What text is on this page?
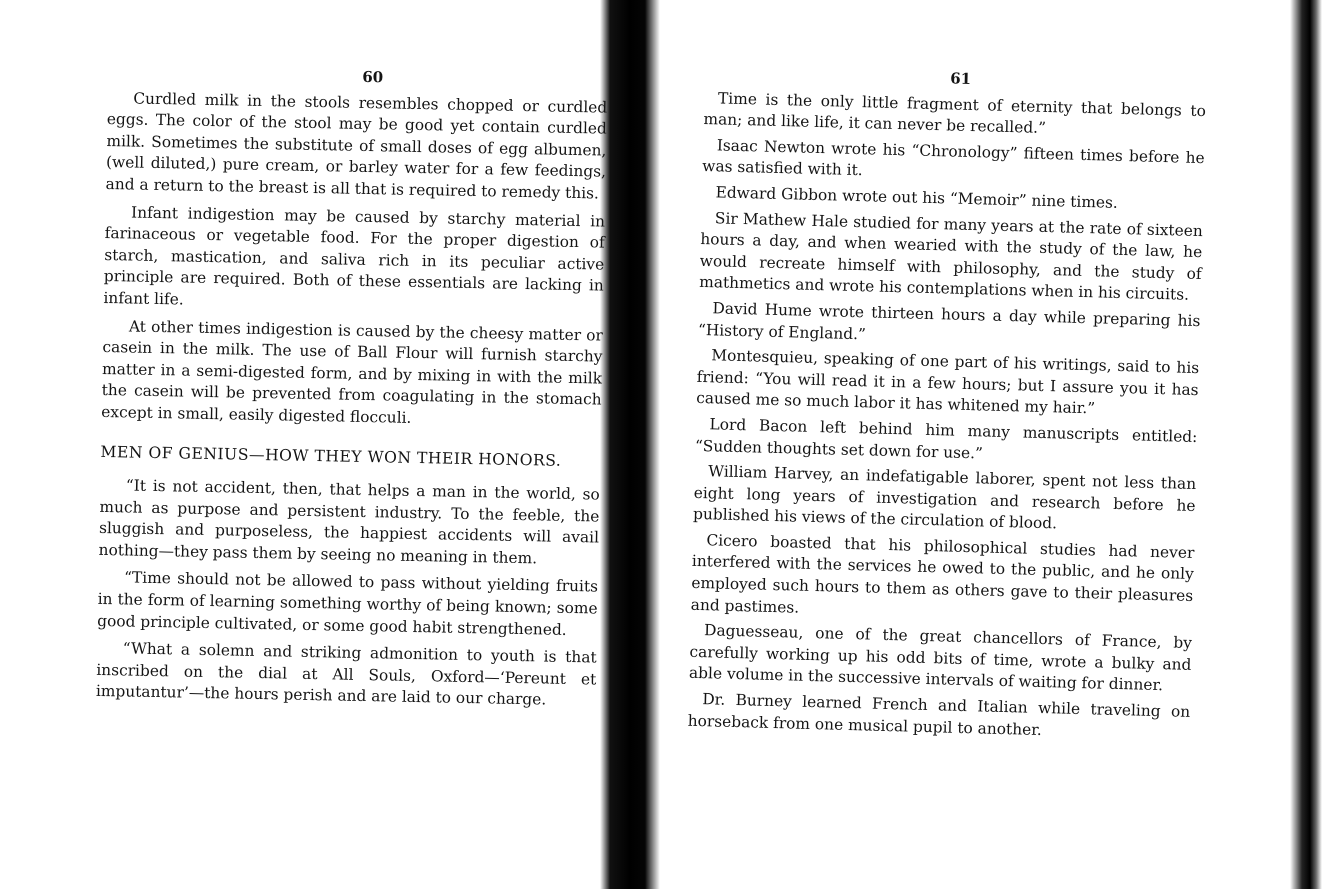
60

Curdled milk in the stools resembles chopped or curdled eggs. The color of the stool may be good yet contain curdled milk. Sometimes the substitute of small doses of egg albumen, (well diluted,) pure cream, or barley water for a few feedings, and a return to the breast is all that is required to remedy this.

Infant indigestion may be caused by starchy material in farinaceous or vegetable food. For the proper digestion of starch, mastication, and saliva rich in its peculiar active principle are required. Both of these essentials are lacking in infant life.

At other times indigestion is caused by the cheesy matter or casein in the milk. The use of Ball Flour will furnish starchy matter in a semi-digested form, and by mixing in with the milk the casein will be prevented from coagulating in the stomach except in small, easily digested flocculi.

MEN OF GENIUS—HOW THEY WON THEIR HONORS.

“It is not accident, then, that helps a man in the world, so much as purpose and persistent industry. To the feeble, the sluggish and purposeless, the happiest accidents will avail nothing—they pass them by seeing no meaning in them.

“Time should not be allowed to pass without yielding fruits in the form of learning something worthy of being known; some good principle cultivated, or some good habit strengthened.

“What a solemn and striking admonition to youth is that inscribed on the dial at All Souls, Oxford—‘Pereunt et imputantur’—the hours perish and are laid to our charge.

61

Time is the only little fragment of eternity that belongs to man; and like life, it can never be recalled.”

Isaac Newton wrote his “Chronology” fifteen times before he was satisfied with it.

Edward Gibbon wrote out his “Memoir” nine times.

Sir Mathew Hale studied for many years at the rate of sixteen hours a day, and when wearied with the study of the law, he would recreate himself with philosophy, and the study of mathmetics and wrote his contemplations when in his circuits.

David Hume wrote thirteen hours a day while preparing his “History of England.”

Montesquieu, speaking of one part of his writings, said to his friend: “You will read it in a few hours; but I assure you it has caused me so much labor it has whitened my hair.”

Lord Bacon left behind him many manuscripts entitled: “Sudden thoughts set down for use.”

William Harvey, an indefatigable laborer, spent not less than eight long years of investigation and research before he published his views of the circulation of blood.

Cicero boasted that his philosophical studies had never interfered with the services he owed to the public, and he only employed such hours to them as others gave to their pleasures and pastimes.

Daguesseau, one of the great chancellors of France, by carefully working up his odd bits of time, wrote a bulky and able volume in the successive intervals of waiting for dinner.

Dr. Burney learned French and Italian while traveling on horseback from one musical pupil to another.
